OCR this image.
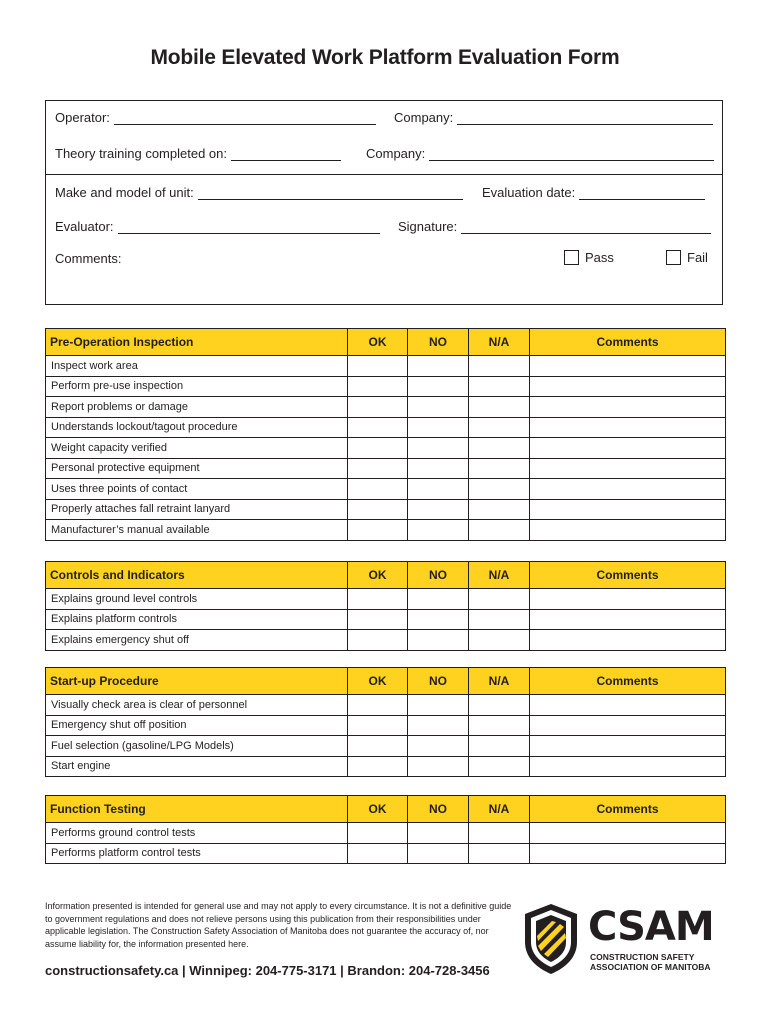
Mobile Elevated Work Platform Evaluation Form
Operator:	Company:
Theory training completed on:	Company:
Make and model of unit:	Evaluation date:
Evaluator:	Signature:
Comments:	Pass	Fail
Pre-Operation Inspection	OK	NO	N/A	Comments
Inspect work area				
Perform pre-use inspection				
Report problems or damage				
Understands lockout/tagout procedure				
Weight capacity verified				
Personal protective equipment				
Uses three points of contact				
Properly attaches fall retraint lanyard				
Manufacturer’s manual available				
Controls and Indicators	OK	NO	N/A	Comments
Explains ground level controls				
Explains platform controls				
Explains emergency shut off				
Start-up Procedure	OK	NO	N/A	Comments
Visually check area is clear of personnel				
Emergency shut off position				
Fuel selection (gasoline/LPG Models)				
Start engine				
Function Testing	OK	NO	N/A	Comments
Performs ground control tests				
Performs platform control tests				
Information presented is intended for general use and may not apply to every circumstance. It is not a definitive guide to government regulations and does not relieve persons using this publication from their responsibilities under applicable legislation. The Construction Safety Association of Manitoba does not guarantee the accuracy of, nor assume liability for, the information presented here.
constructionsafety.ca | Winnipeg: 204-775-3171 | Brandon: 204-728-3456
CSAM
CONSTRUCTION SAFETY
ASSOCIATION OF MANITOBA
